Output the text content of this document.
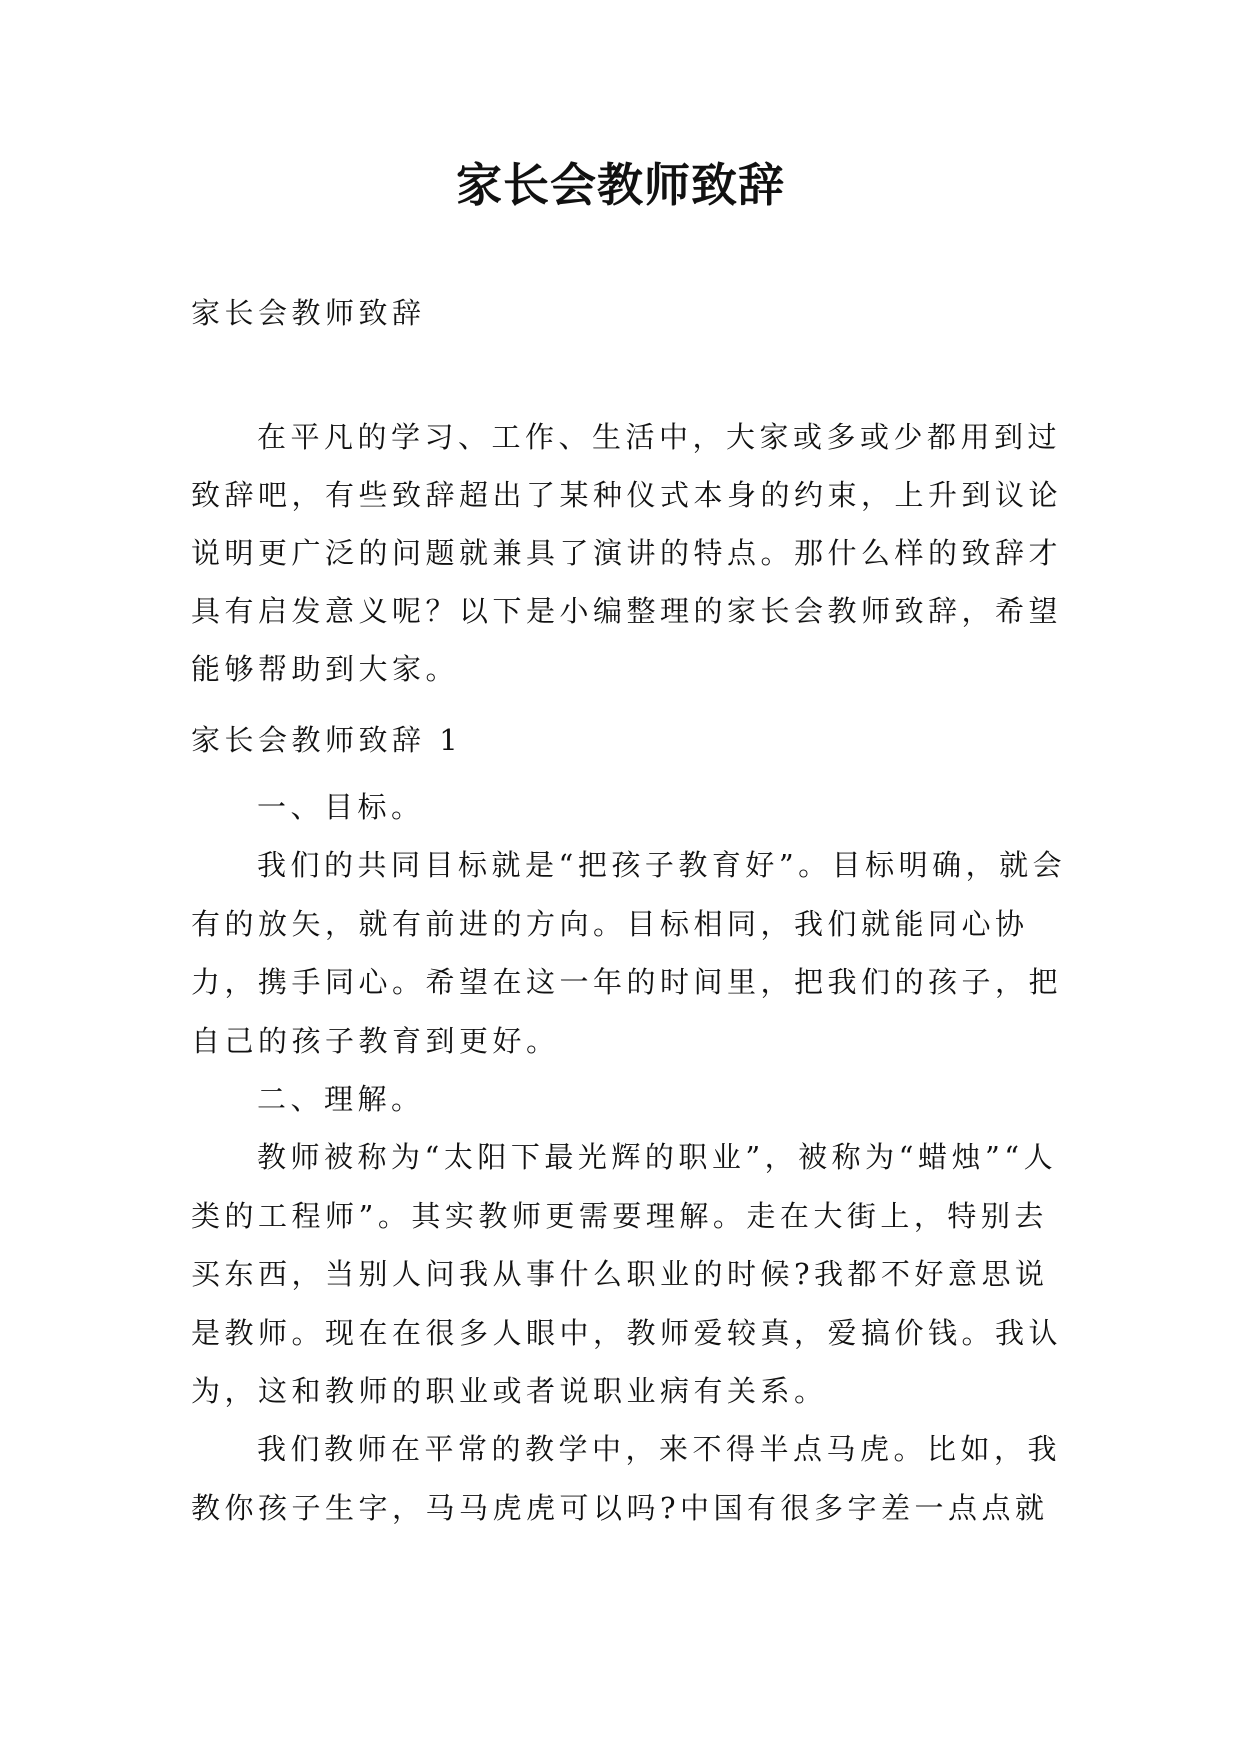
家长会教师致辞
家长会教师致辞

在平凡的学习、工作、生活中，大家或多或少都用到过致辞吧，有些致辞超出了某种仪式本身的约束，上升到议论说明更广泛的问题就兼具了演讲的特点。那什么样的致辞才具有启发意义呢？以下是小编整理的家长会教师致辞，希望能够帮助到大家。

家长会教师致辞 1

一、目标。

我们的共同目标就是“把孩子教育好”。目标明确，就会有的放矢，就有前进的方向。目标相同，我们就能同心协力，携手同心。希望在这一年的时间里，把我们的孩子，把自己的孩子教育到更好。

二、理解。

教师被称为“太阳下最光辉的职业”，被称为“蜡烛”“人类的工程师”。其实教师更需要理解。走在大街上，特别去买东西，当别人问我从事什么职业的时候?我都不好意思说是教师。现在在很多人眼中，教师爱较真，爱搞价钱。我认为，这和教师的职业或者说职业病有关系。

我们教师在平常的教学中，来不得半点马虎。比如，我教你孩子生字，马马虎虎可以吗?中国有很多字差一点点就
